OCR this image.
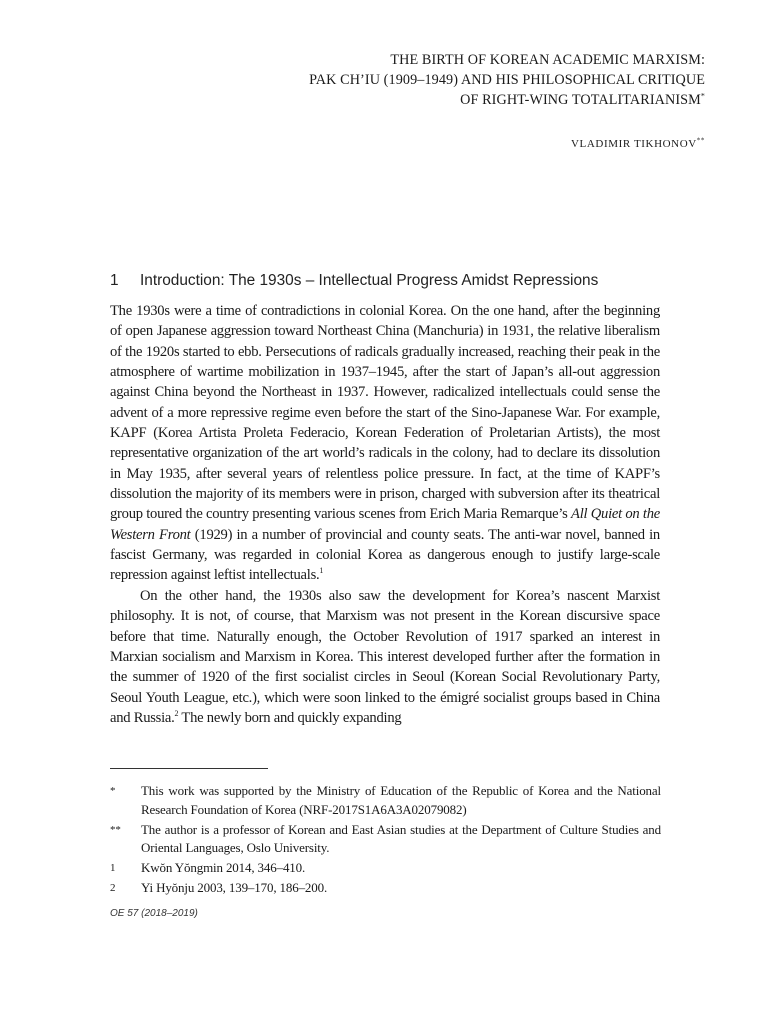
THE BIRTH OF KOREAN ACADEMIC MARXISM:
PAK CH’IU (1909–1949) AND HIS PHILOSOPHICAL CRITIQUE
OF RIGHT-WING TOTALITARIANISM*
VLADIMIR TIKHONOV**
1 Introduction: The 1930s – Intellectual Progress Amidst Repressions

The 1930s were a time of contradictions in colonial Korea. On the one hand, after the beginning of open Japanese aggression toward Northeast China (Manchuria) in 1931, the relative liberalism of the 1920s started to ebb. Persecutions of radicals gradually increased, reaching their peak in the atmosphere of wartime mobilization in 1937–1945, after the start of Japan’s all-out aggression against China beyond the Northeast in 1937. However, radicalized intellectuals could sense the advent of a more repressive regime even before the start of the Sino-Japanese War. For example, KAPF (Korea Artista Proleta Federacio, Korean Federation of Proletarian Artists), the most representative organization of the art world’s radicals in the colony, had to declare its dissolution in May 1935, after several years of relentless police pressure. In fact, at the time of KAPF’s dissolution the majority of its members were in prison, charged with subversion after its theatrical group toured the country presenting various scenes from Erich Maria Remarque’s All Quiet on the Western Front (1929) in a number of provincial and county seats. The anti-war novel, banned in fascist Germany, was regarded in colonial Korea as dangerous enough to justify large-scale repression against leftist intellectuals.$^1$

On the other hand, the 1930s also saw the development for Korea’s nascent Marxist philosophy. It is not, of course, that Marxism was not present in the Korean discursive space before that time. Naturally enough, the October Revolution of 1917 sparked an interest in Marxian socialism and Marxism in Korea. This interest developed further after the formation in the summer of 1920 of the first socialist circles in Seoul (Korean Social Revolutionary Party, Seoul Youth League, etc.), which were soon linked to the émigré socialist groups based in China and Russia.$^2$ The newly born and quickly expanding

*	This work was supported by the Ministry of Education of the Republic of Korea and the National Research Foundation of Korea (NRF-2017S1A6A3A02079082)
**	The author is a professor of Korean and East Asian studies at the Department of Culture Studies and Oriental Languages, Oslo University.
1	Kwŏn Yŏngmin 2014, 346–410.
2	Yi Hyŏnju 2003, 139–170, 186–200.
OE 57 (2018–2019)
